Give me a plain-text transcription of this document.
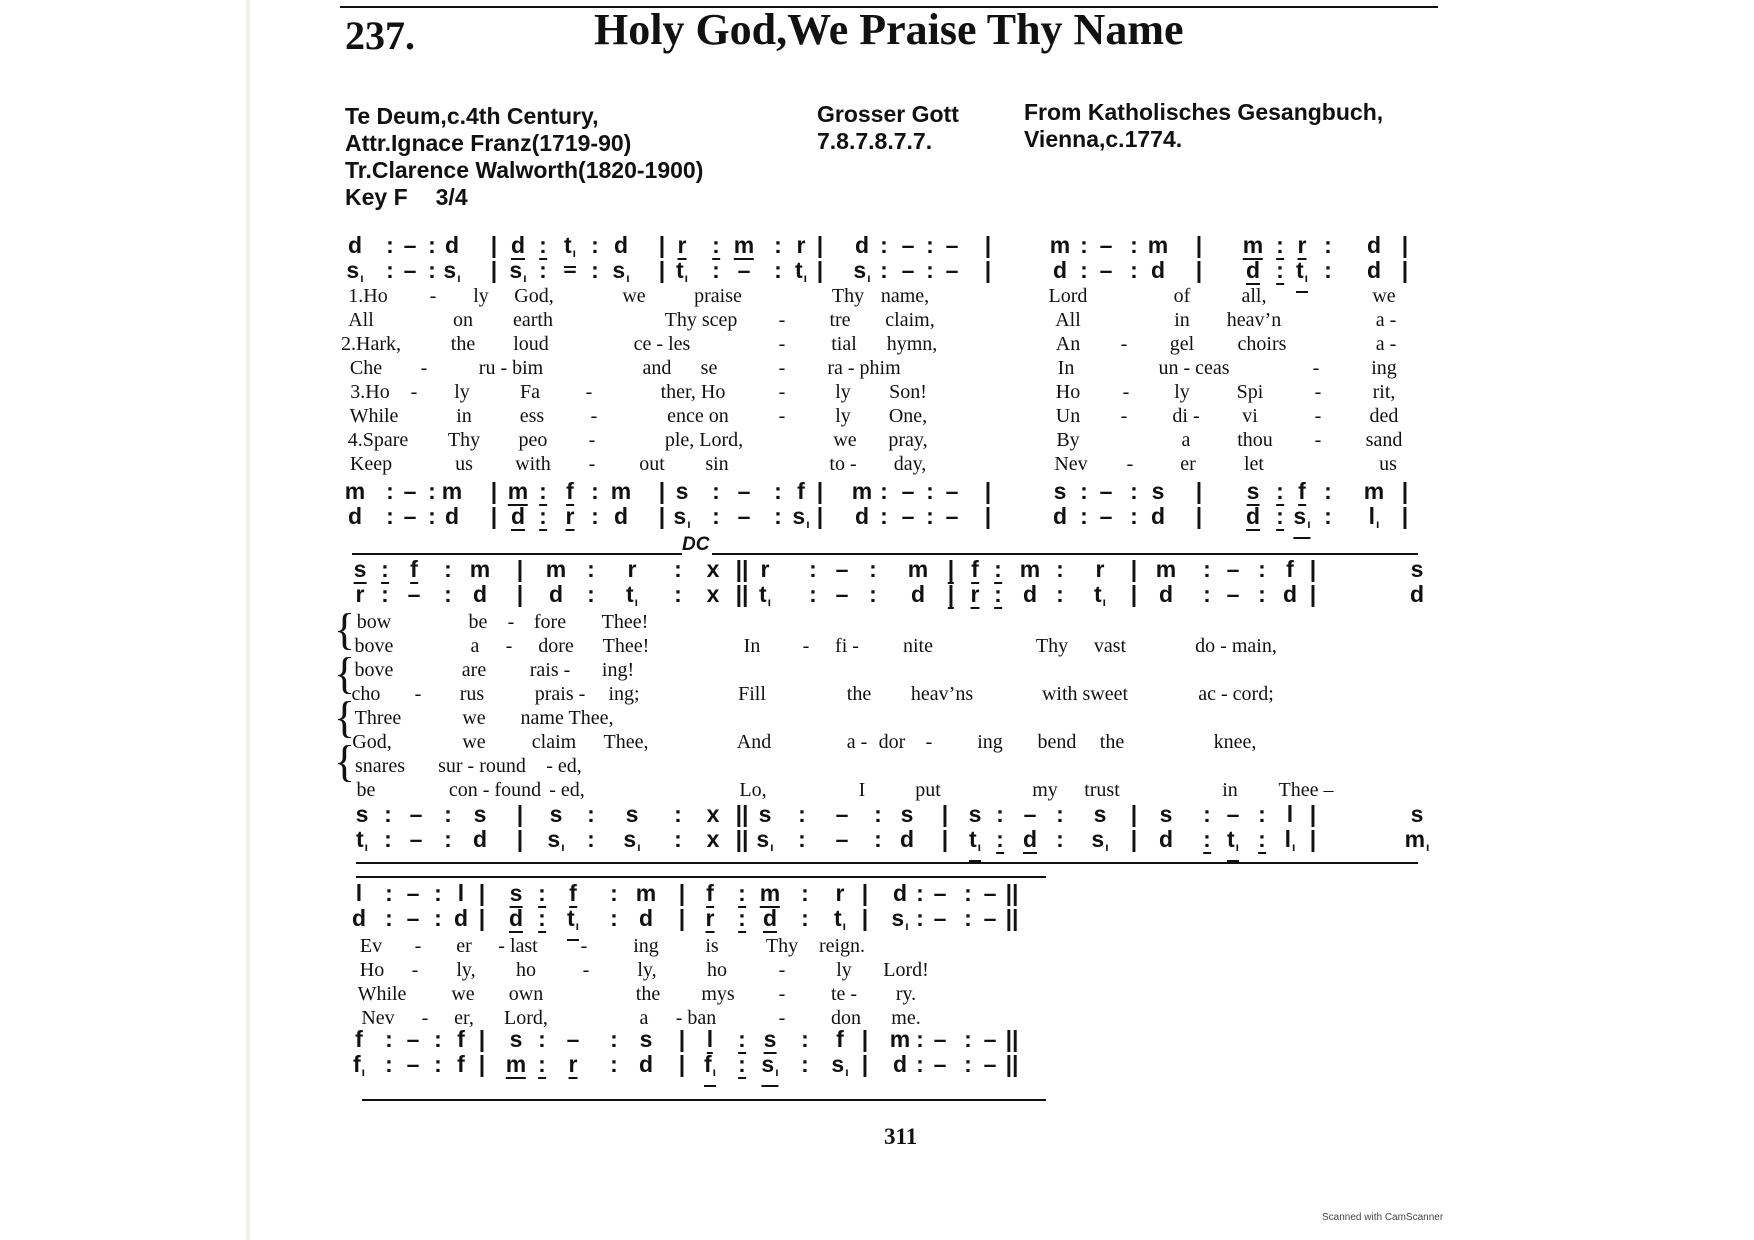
237.	Holy God,We Praise Thy Name
Te Deum,c.4th Century,
Attr.Ignace Franz(1719-90)
Tr.Clarence Walworth(1820-1900)
Key F 3/4
Grosser Gott
7.8.7.8.7.7.
From Katholisches Gesangbuch,
Vienna,c.1774.
d : – : d | d : $t_ı$ : d | r : m : r | d : – : – |	m : – : m | m : r : d |
$s_ı$ : – : $s_ı$ | $s_ı$ : – : $s_ı$ | $t_ı$ : – : $t_ı$ | $s_ı$ : – : – |	d : – : d | d : $t_ı$ : d |
1.Ho - ly God,	we praise	Thy name,	Lord	of	all,	we
All	on earth	Thy scep - tre claim,	All	in heav’n	a -
2.Hark, the loud	ce - les	- tial hymn,	An - gel choirs	a -
Che -	ru - bim	and se	- ra - phim	In	un - ceas	-	ing
3.Ho - ly	Fa -	ther, Ho	- ly Son!	Ho - ly Spi	-	rit,
While	in ess -	ence on - ly One,	Un - di - vi	- ded
4.Spare Thy peo -	ple, Lord,	we pray,	By	a thou - sand
Keep	us with - out sin	to - day,	Nev - er let	us
m : – : m | m : f : m | s : – : f | m : – : – |	s : – : s | s : f : m |
d : – : d | d : r : d | $s_ı$ : – : $s_ı$ | d : – : – |	d : – : d | d : $s_ı$ : $l_ı$ |
s : f : m | m : r : x || r : – : m | f : m : r | m : – : f |	s
r : – : d | d : $t_ı$ : x || $t_ı$ : – : d | r : d : $t_ı$ | d : – : d |	d
bow	be - fore Thee!
bove	a - dore Thee!	In - fi - nite	Thy vast	do - main,
bove	are rais - ing!
cho - rus	prais - ing;	Fill	the heav’ns	with sweet	ac - cord;
Three	we name Thee,
God,	we claim Thee,	And	a - dor - ing bend the	knee,
snares sur - round - ed,
be	con - found - ed,	Lo,	I put	my trust	in Thee –
s : – : s | s : s : x || s : – : s | s : – : s | s : – : l |	s
$t_ı$ : – : d | $s_ı$ : $s_ı$ : x || $s_ı$ : – : d | $t_ı$ : d : $s_ı$ | d : $t_ı$ : $l_ı$ |	$m_ı$
l : – : l | s : f : m | f : m : r | d : – : – ||
d : – : d | d : $t_ı$ : d | r : d : $t_ı$ | $s_ı$ : – : – ||
Ev - er - last - ing is Thy reign.
Ho - ly, ho - ly,	ho	-	ly Lord!
While we own	the mys - te - ry.
Nev - er, Lord,	a - ban	- don me.
f : – : f | s : – : s | l : s : f | m : – : – ||
$f_ı$ : – : f | m : r : d | $f_ı$ : $s_ı$ : $s_ı$ | d : – : – ||
{
{
{
{
DC
311
Scanned with CamScanner
